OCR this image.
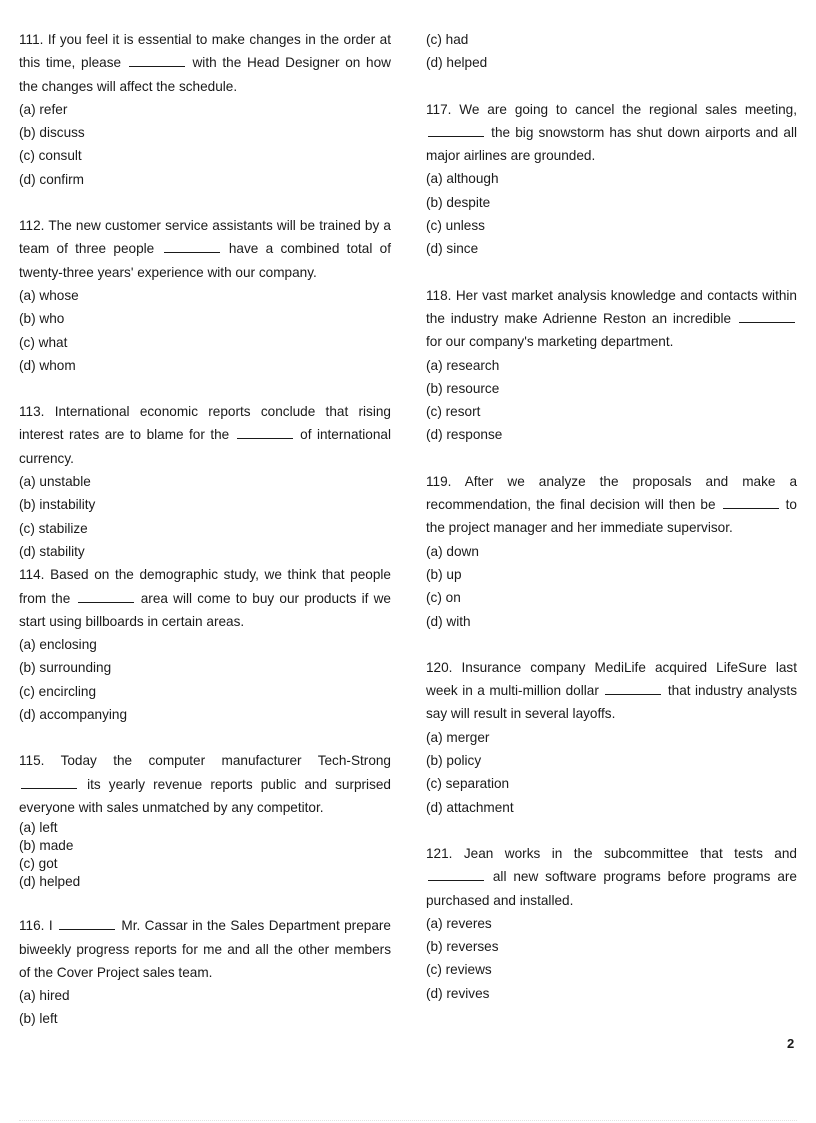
111. If you feel it is essential to make changes in the order at this time, please	with the Head Designer on how the changes will affect the schedule.

(a) refer

(b) discuss

(c) consult

(d) confirm

112. The new customer service assistants will be trained by a team of three people	have a combined total of twenty-three years' experience with our company.

(a) whose

(b) who

(c) what

(d) whom

113. International economic reports conclude that rising interest rates are to blame for the	of international currency.

(a) unstable

(b) instability

(c) stabilize

(d) stability

114. Based on the demographic study, we think that people from the	area will come to buy our products if we start using billboards in certain areas.

(a) enclosing

(b) surrounding

(c) encircling

(d) accompanying

115. Today the computer manufacturer Tech-Strong  its yearly revenue reports public and surprised everyone with sales unmatched by any competitor.

(a) left

(b) made

(c) got

(d) helped

116. I	Mr. Cassar in the Sales Department prepare biweekly progress reports for me and all the other members of the Cover Project sales team.

(a) hired

(b) left

(c) had

(d) helped

117. We are going to cancel the regional sales meeting,  the big snowstorm has shut down airports and all major airlines are grounded.

(a) although

(b) despite

(c) unless

(d) since

118. Her vast market analysis knowledge and contacts within the industry make Adrienne Reston an incredible  for our company's marketing department.

(a) research

(b) resource

(c) resort

(d) response

119. After we analyze the proposals and make a recommendation, the final decision will then be	to the project manager and her immediate supervisor.

(a) down

(b) up

(c) on

(d) with

120. Insurance company MediLife acquired LifeSure last week in a multi-million dollar	that industry analysts say will result in several layoffs.

(a) merger

(b) policy

(c) separation

(d) attachment

121. Jean works in the subcommittee that tests and  all new software programs before programs are purchased and installed.

(a) reveres

(b) reverses

(c) reviews

(d) revives

2
